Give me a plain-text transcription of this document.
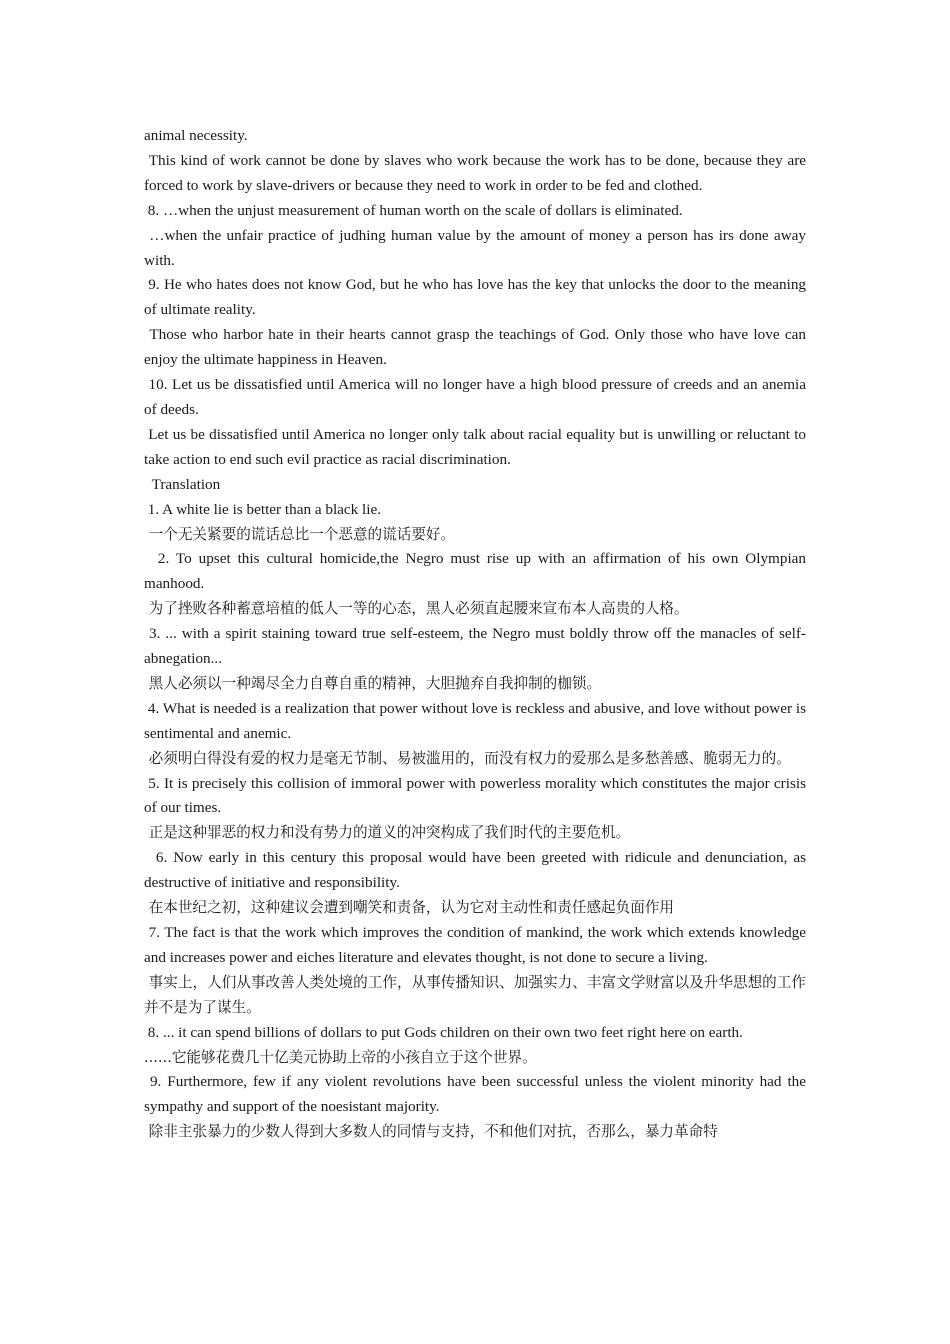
animal necessity.

This kind of work cannot be done by slaves who work because the work has to be done, because they are forced to work by slave-drivers or because they need to work in order to be fed and clothed.

8. …when the unjust measurement of human worth on the scale of dollars is eliminated.

…when the unfair practice of judhing human value by the amount of money a person has irs done away with.

9. He who hates does not know God, but he who has love has the key that unlocks the door to the meaning of ultimate reality.

Those who harbor hate in their hearts cannot grasp the teachings of God. Only those who have love can enjoy the ultimate happiness in Heaven.

10. Let us be dissatisfied until America will no longer have a high blood pressure of creeds and an anemia of deeds.

Let us be dissatisfied until America no longer only talk about racial equality but is unwilling or reluctant to take action to end such evil practice as racial discrimination.

Translation

1. A white lie is better than a black lie.

一个无关紧要的谎话总比一个恶意的谎话要好。

2. To upset this cultural homicide,the Negro must rise up with an affirmation of his own Olympian manhood.

为了挫败各种蓄意培植的低人一等的心态，黑人必须直起腰来宣布本人高贵的人格。

3. ... with a spirit staining toward true self-esteem, the Negro must boldly throw off the manacles of self-abnegation...

黑人必须以一种竭尽全力自尊自重的精神，大胆抛弃自我抑制的枷锁。

4. What is needed is a realization that power without love is reckless and abusive, and love without power is sentimental and anemic.

必须明白得没有爱的权力是毫无节制、易被滥用的，而没有权力的爱那么是多愁善感、脆弱无力的。

5. It is precisely this collision of immoral power with powerless morality which constitutes the major crisis of our times.

正是这种罪恶的权力和没有势力的道义的冲突构成了我们时代的主要危机。

6. Now early in this century this proposal would have been greeted with ridicule and denunciation, as destructive of initiative and responsibility.

在本世纪之初，这种建议会遭到嘲笑和责备，认为它对主动性和责任感起负面作用

7. The fact is that the work which improves the condition of mankind, the work which extends knowledge and increases power and eiches literature and elevates thought, is not done to secure a living.

事实上，人们从事改善人类处境的工作，从事传播知识、加强实力、丰富文学财富以及升华思想的工作并不是为了谋生。

8. ... it can spend billions of dollars to put Gods children on their own two feet right here on earth.

......它能够花费几十亿美元协助上帝的小孩自立于这个世界。

9. Furthermore, few if any violent revolutions have been successful unless the violent minority had the sympathy and support of the noesistant majority.

除非主张暴力的少数人得到大多数人的同情与支持，不和他们对抗，否那么，暴力革命特
